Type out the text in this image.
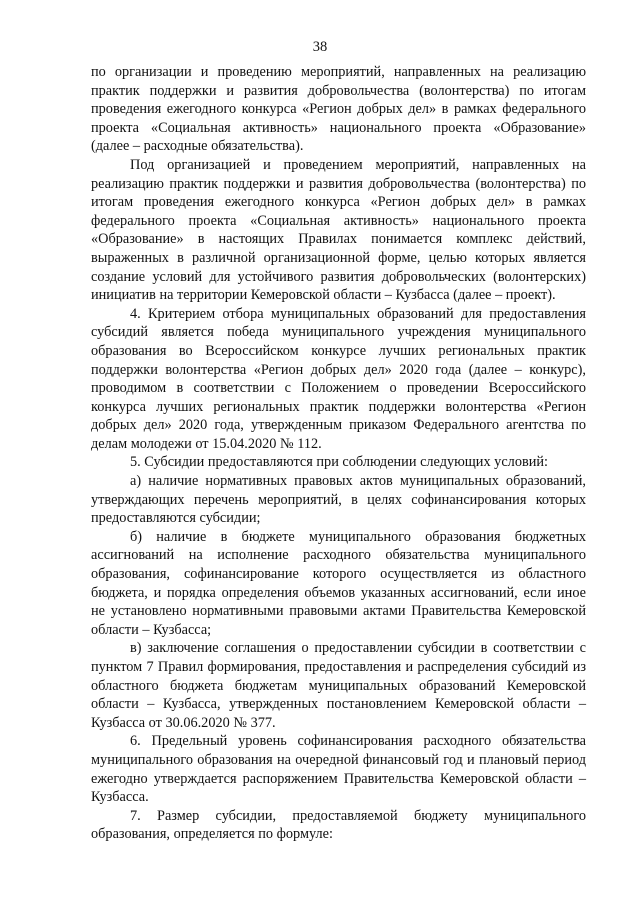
38

по организации и проведению мероприятий, направленных на реализацию практик поддержки и развития добровольчества (волонтерства) по итогам проведения ежегодного конкурса «Регион добрых дел» в рамках федерального проекта «Социальная активность» национального проекта «Образование» (далее – расходные обязательства).

Под организацией и проведением мероприятий, направленных на реализацию практик поддержки и развития добровольчества (волонтерства) по итогам проведения ежегодного конкурса «Регион добрых дел» в рамках федерального проекта «Социальная активность» национального проекта «Образование» в настоящих Правилах понимается комплекс действий, выраженных в различной организационной форме, целью которых является создание условий для устойчивого развития добровольческих (волонтерских) инициатив на территории Кемеровской области – Кузбасса (далее – проект).

4. Критерием отбора муниципальных образований для предоставления субсидий является победа муниципального учреждения муниципального образования во Всероссийском конкурсе лучших региональных практик поддержки волонтерства «Регион добрых дел» 2020 года (далее – конкурс), проводимом в соответствии с Положением о проведении Всероссийского конкурса лучших региональных практик поддержки волонтерства «Регион добрых дел» 2020 года, утвержденным приказом Федерального агентства по делам молодежи от 15.04.2020 № 112.

5. Субсидии предоставляются при соблюдении следующих условий:

а) наличие нормативных правовых актов муниципальных образований, утверждающих перечень мероприятий, в целях софинансирования которых предоставляются субсидии;

б) наличие в бюджете муниципального образования бюджетных ассигнований на исполнение расходного обязательства муниципального образования, софинансирование которого осуществляется из областного бюджета, и порядка определения объемов указанных ассигнований, если иное не установлено нормативными правовыми актами Правительства Кемеровской области – Кузбасса;

в) заключение соглашения о предоставлении субсидии в соответствии с пунктом 7 Правил формирования, предоставления и распределения субсидий из областного бюджета бюджетам муниципальных образований Кемеровской области – Кузбасса, утвержденных постановлением Кемеровской области – Кузбасса от 30.06.2020 № 377.

6. Предельный уровень софинансирования расходного обязательства муниципального образования на очередной финансовый год и плановый период ежегодно утверждается распоряжением Правительства Кемеровской области – Кузбасса.

7. Размер субсидии, предоставляемой бюджету муниципального образования, определяется по формуле:
